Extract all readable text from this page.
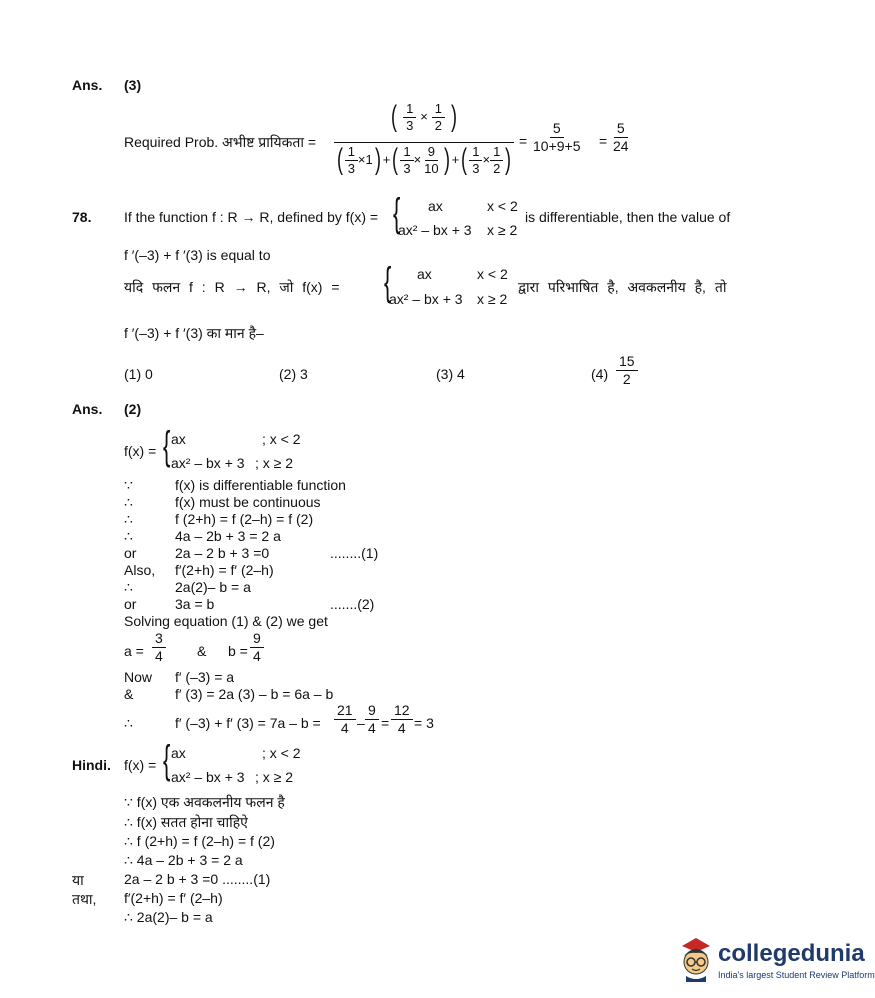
Ans. (3)
Required Prob. अभीष्ट प्रायिकता =
( $\frac{1}{3} \times \frac{1}{2}$ )
( $\frac{1}{3} \times 1$) +( $\frac{1}{3} \times \frac{9}{10}$ ) +( $\frac{1}{3} \times \frac{1}{2}$ )
= $\frac{5}{10+9+5} = \frac{5}{24}$
78. If the function f : R → R, defined by f(x) = { ax	x < 2
ax² – bx + 3 x ≥ 2
is differentiable, then the value of
f ′(–3) + f ′(3) is equal to
यदि फलन f : R → R, जो f(x) = { ax	x < 2
ax² – bx + 3 x ≥ 2
द्वारा परिभाषित है, अवकलनीय है, तो
f ′(–3) + f ′(3) का मान है–
(1) 0	(2) 3	(3) 4	$(4) \frac{15}{2}$
Ans. (2)
f(x) = { ax	; x < 2
ax² – bx + 3 ; x ≥ 2
∵	f(x) is differentiable function
∴	f(x) must be continuous
∴	f (2+h) = f (2–h) = f (2)
∴	4a – 2b + 3 = 2 a
or	2a – 2 b + 3 =0	........(1)
Also, f′(2+h) = f′ (2–h)
∴	2a(2)– b = a
or	3a = b	.......(2)
Solving equation (1) & (2) we get
$a = \frac{3}{4}$ & $b = \frac{9}{4}$
Now f′ (–3) = a
&	f′ (3) = 2a (3) – b = 6a – b
∴	f′ (–3) + f′ $(3) = 7a - b = \frac{21}{4} - \frac{9}{4} = \frac{12}{4} = 3$
Hindi. f(x) = { ax	; x < 2
ax² – bx + 3 ; x ≥ 2
∵ f(x) एक अवकलनीय फलन है
∴ f(x) सतत होना चाहिऐ
∴ f (2+h) = f (2–h) = f (2)
∴ 4a – 2b + 3 = 2 a
या	2a – 2 b + 3 =0 ........(1)
तथा, f′(2+h) = f′ (2–h)
∴ 2a(2)– b = a
collegedunia
India's largest Student Review Platform
